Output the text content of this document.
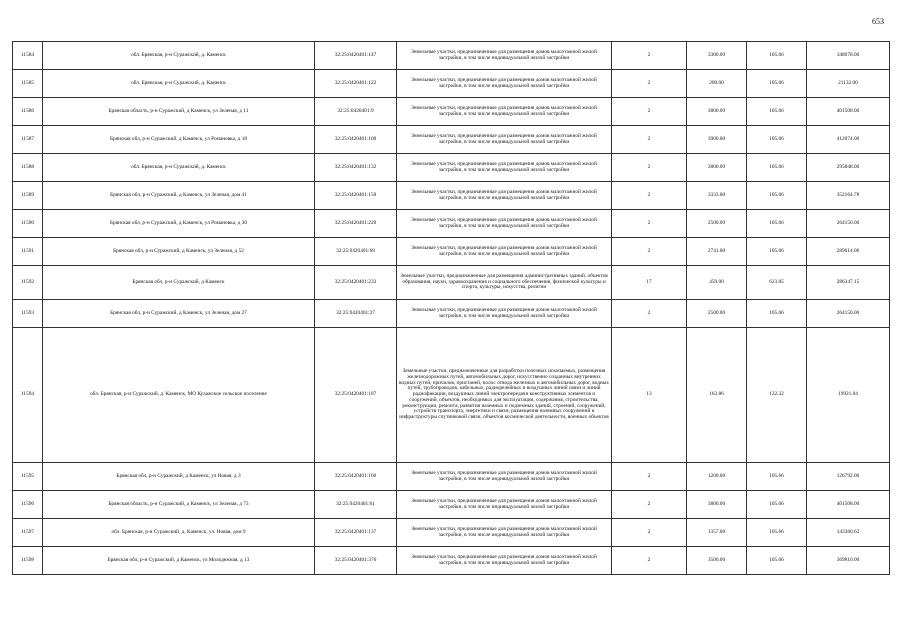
653
11584	обл. Брянская, р-н Суражский, д. Каменск	32:25:0420401:147	Земельные участки, предназначенные для размещения домов малоэтажной жилой застройки, в том числе индивидуальной жилой застройки	2	3300.00	105.66	348678.00
11585	обл. Брянская, р-н Суражский, д. Каменск	32:25:0420401:122	Земельные участки, предназначенные для размещения домов малоэтажной жилой застройки, в том числе индивидуальной жилой застройки	2	200.00	105.66	21132.00
11586	Брянская область, р-н Суражский, д Каменск, ул Зеленая, д 11	32:25:0420401:9	Земельные участки, предназначенные для размещения домов малоэтажной жилой застройки, в том числе индивидуальной жилой застройки	2	3800.00	105.66	401508.00
11587	Брянская обл, р-н Суражский, д Каменск, ул Романовка, д 18	32:25:0420401:100	Земельные участки, предназначенные для размещения домов малоэтажной жилой застройки, в том числе индивидуальной жилой застройки	2	3900.00	105.66	412074.00
11588	обл. Брянская, р-н Суражский, д. Каменск	32:25:0420401:132	Земельные участки, предназначенные для размещения домов малоэтажной жилой застройки, в том числе индивидуальной жилой застройки	2	2800.00	105.66	295848.00
11589	Брянская обл, р-н Суражский, д Каменск, ул Зеленая, дом 41	32:25:0420401:158	Земельные участки, предназначенные для размещения домов малоэтажной жилой застройки, в том числе индивидуальной жилой застройки	2	3333.00	105.66	352164.78
11590	Брянская обл, р-н Суражский, д Каменск, ул Романовка, д 30	32:25:0420401:220	Земельные участки, предназначенные для размещения домов малоэтажной жилой застройки, в том числе индивидуальной жилой застройки	2	2500.00	105.66	264150.00
11591	Брянская обл, р-н Суражский, д Каменск, ул Зеленая, д 52	32:25:0420401:68	Земельные участки, предназначенные для размещения домов малоэтажной жилой застройки, в том числе индивидуальной жилой застройки	2	2741.00	105.66	289614.06
11592	Брянская обл, р-н Суражский, д Каменск	32:25:0420401:233	Земельные участки, предназначенные для размещения административных зданий, объектов образования, науки, здравоохранения и социального обеспечения, физической культуры и спорта, культуры, искусства, религии	17	459.00	623.85	286347.15
11593	Брянская обл, р-н Суражский, д Каменск, ул Зеленая, дом 27	32:25:0420401:27	Земельные участки, предназначенные для размещения домов малоэтажной жилой застройки, в том числе индивидуальной жилой застройки	2	2500.00	105.66	264150.00
11594	обл. Брянская, р-н Суражский, д. Каменск, МО Кулажское сельское поселение	32:25:0420401:187	Земельные участки, предназначенные для разработки полезных ископаемых, размещения железнодорожных путей, автомобильных дорог, искусственно созданных внутренних водных путей, причалов, пристаней, полос отвода железных и автомобильных дорог, водных путей, трубопроводов, кабельных, радиорелейных и воздушных линий связи и линий радиофикации, воздушных линий электропередачи конструктивных элементов и сооружений, объектов, необходимых для эксплуатации, содержания, строительства, реконструкции, ремонта, развития наземных и подземных зданий, строений, сооружений, устройств транспорта, энергетики и связи; размещения наземных сооружений и инфраструктуры спутниковой связи, объектов космической деятельности, военных объектов	13	162.86	122.32	19921.04
11595	Брянская обл, р-н Суражский, д Каменск, ул Новая, д 3	32:25:0420401:160	Земельные участки, предназначенные для размещения домов малоэтажной жилой застройки, в том числе индивидуальной жилой застройки	2	1200.00	105.66	126792.00
11596	Брянская область, р-н Суражский, д Каменск, ул Зеленая, д 73	32:25:0420401:61	Земельные участки, предназначенные для размещения домов малоэтажной жилой застройки, в том числе индивидуальной жилой застройки	2	3800.00	105.66	401508.00
11597	обл. Брянская, р-н Суражский, д. Каменск, ул. Новая, дом 9	32:25:0420401:137	Земельные участки, предназначенные для размещения домов малоэтажной жилой застройки, в том числе индивидуальной жилой застройки	2	1357.00	105.66	143380.62
11598	Брянская обл, р-н Суражский, д Каменск, ул Молодежная, д 13	32:25:0420401:376	Земельные участки, предназначенные для размещения домов малоэтажной жилой застройки, в том числе индивидуальной жилой застройки	2	3500.00	105.66	369810.00
